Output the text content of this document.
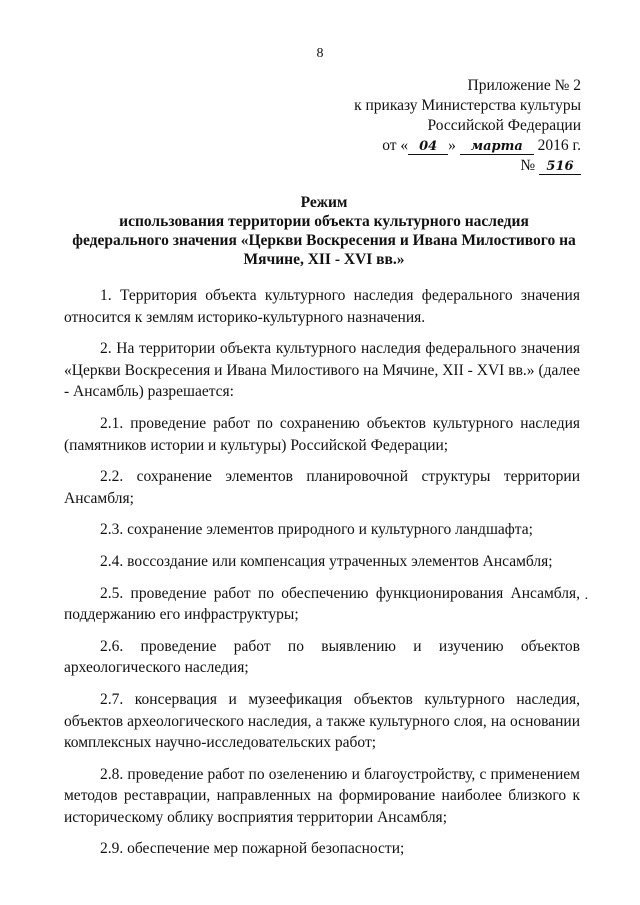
8
Приложение № 2
к приказу Министерства культуры
Российской Федерации
от « 04 » марта 2016 г.
№ 516
Режим
использования территории объекта культурного наследия
федерального значения «Церкви Воскресения и Ивана Милостивого на
Мячине, XII - XVI вв.»

1. Территория объекта культурного наследия федерального значения относится к землям историко-культурного назначения.

2. На территории объекта культурного наследия федерального значения «Церкви Воскресения и Ивана Милостивого на Мячине, XII - XVI вв.» (далее - Ансамбль) разрешается:

2.1. проведение работ по сохранению объектов культурного наследия (памятников истории и культуры) Российской Федерации;

2.2. сохранение элементов планировочной структуры территории Ансамбля;

2.3. сохранение элементов природного и культурного ландшафта;

2.4. воссоздание или компенсация утраченных элементов Ансамбля;

2.5. проведение работ по обеспечению функционирования Ансамбля, поддержанию его инфраструктуры;

2.6. проведение работ по выявлению и изучению объектов археологического наследия;

2.7. консервация и музеефикация объектов культурного наследия, объектов археологического наследия, а также культурного слоя, на основании комплексных научно-исследовательских работ;

2.8. проведение работ по озеленению и благоустройству, с применением методов реставрации, направленных на формирование наиболее близкого к историческому облику восприятия территории Ансамбля;

2.9. обеспечение мер пожарной безопасности;

·
